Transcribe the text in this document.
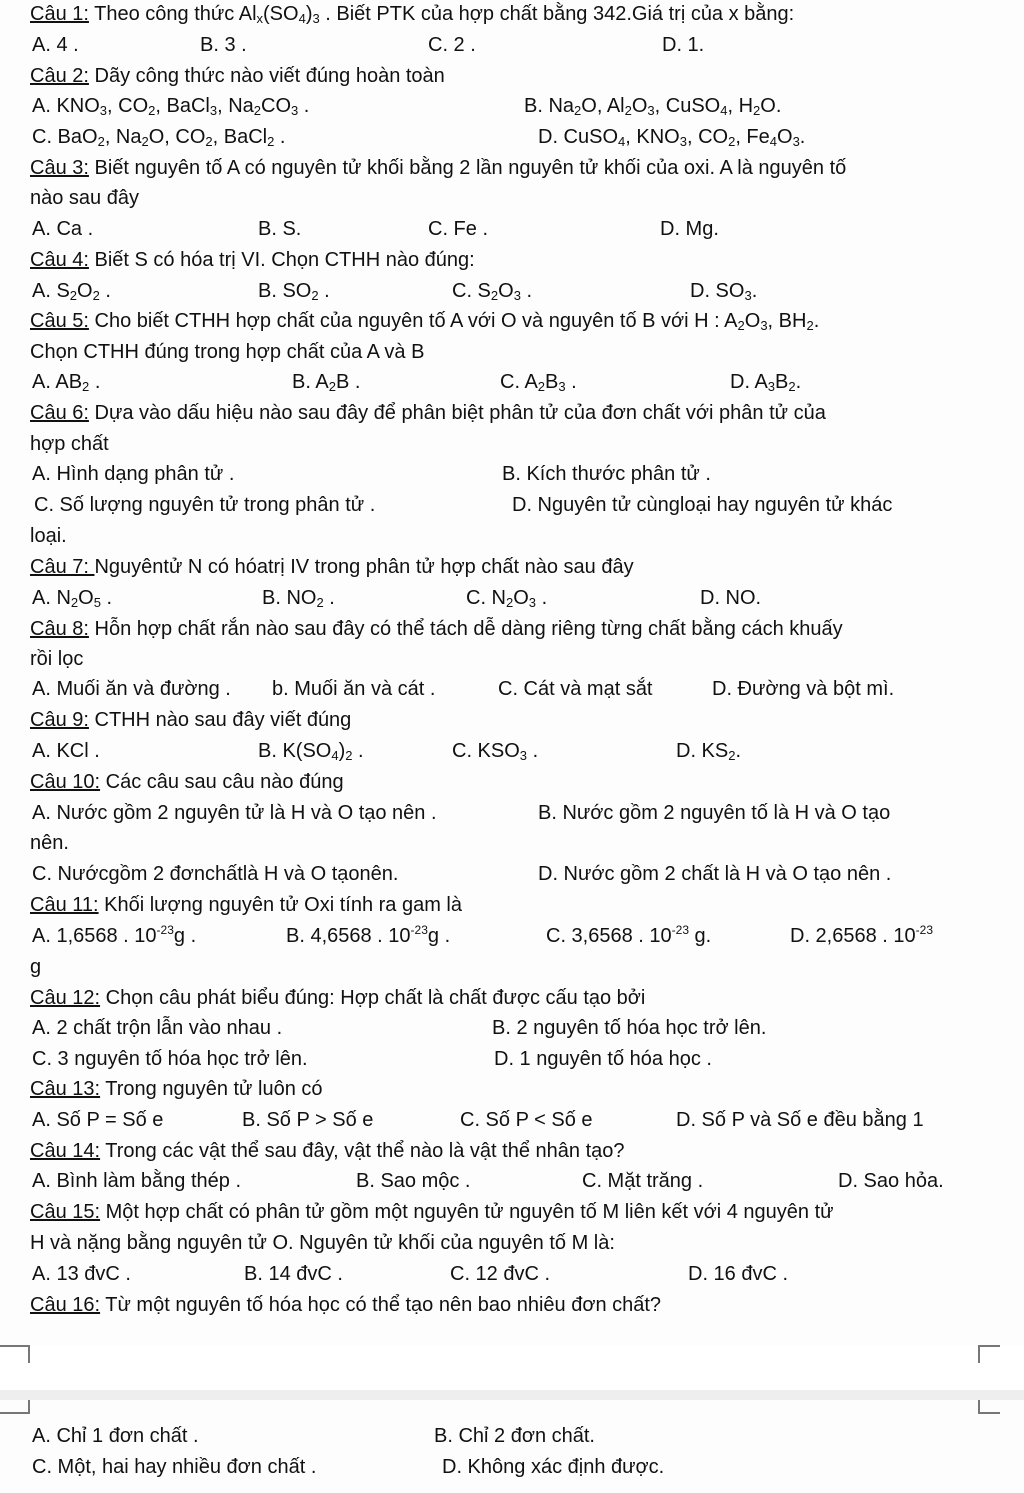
Câu 1: Theo công thức $Al_x(SO_4)_3$ . Biết PTK của hợp chất bằng 342.Giá trị của x bằng:
A. 4 .	B. 3 .	C. 2 .	D. 1.
Câu 2: Dãy công thức nào viết đúng hoàn toàn
A. $KNO_3$, $CO_2$, BaCl$_3$, $Na_2CO_3$ .	B. $Na_2O$, $Al_2O_3$, CuSO$_4$, $H_2O$.
C. BaO$_2$, $Na_2O$, $CO_2$, BaCl$_2$ .	D. CuSO$_4$, $KNO_3$, $CO_2$, $Fe_4O_3$.
Câu 3: Biết nguyên tố A có nguyên tử khối bằng 2 lần nguyên tử khối của oxi. A là nguyên tố
nào sau đây
A. Ca .	B. S.	C. Fe .	D. Mg.
Câu 4: Biết S có hóa trị VI. Chọn CTHH nào đúng:
A. $S_2O_2$ .	B. $SO_2$ .	C. $S_2O_3$ .	D. $SO_3$.
Câu 5: Cho biết CTHH hợp chất của nguyên tố A với O và nguyên tố B với H : $A_2O_3$, $BH_2$.
Chọn CTHH đúng trong hợp chất của A và B
A. $AB_2$ .	B. $A_2B$ .	C. $A_2B_3$ .	D. $A_3B_2$.
Câu 6: Dựa vào dấu hiệu nào sau đây để phân biệt phân tử của đơn chất với phân tử của
hợp chất
A. Hình dạng phân tử .	B. Kích thước phân tử .
C. Số lượng nguyên tử trong phân tử .	D. Nguyên tử cùngloại hay nguyên tử khác
loại.
Câu 7: Nguyêntử N có hóatrị IV trong phân tử hợp chất nào sau đây
A. $N_2O_5$ .	B. $NO_2$ .	C. $N_2O_3$ .	D. NO.
Câu 8: Hỗn hợp chất rắn nào sau đây có thể tách dễ dàng riêng từng chất bằng cách khuấy
rồi lọc
A. Muối ăn và đường . b. Muối ăn và cát .	C. Cát và mạt sắt	D. Đường và bột mì.
Câu 9: CTHH nào sau đây viết đúng
A. KCl .	B. $K(SO_4)_2$ .	C. $KSO_3$ .	D. $KS_2$.
Câu 10: Các câu sau câu nào đúng
A. Nước gồm 2 nguyên tử là H và O tạo nên .	B. Nước gồm 2 nguyên tố là H và O tạo
nên.
C. Nướcgồm 2 đơnchấtlà H và O tạonên.	D. Nước gồm 2 chất là H và O tạo nên .
Câu 11: Khối lượng nguyên tử Oxi tính ra gam là
A. 1,6568 . $10^{-23}g$ .	B. 4,6568 . $10^{-23}g$ .	C. 3,6568 . $10^{-23}$ g.	D. 2,6568 . $10^{-23}$
g
Câu 12: Chọn câu phát biểu đúng: Hợp chất là chất được cấu tạo bởi
A. 2 chất trộn lẫn vào nhau .	B. 2 nguyên tố hóa học trở lên.
C. 3 nguyên tố hóa học trở lên.	D. 1 nguyên tố hóa học .
Câu 13: Trong nguyên tử luôn có
A. Số P = Số e	B. Số P > Số e	C. Số P < Số e	D. Số P và Số e đều bằng 1
Câu 14: Trong các vật thể sau đây, vật thể nào là vật thể nhân tạo?
A. Bình làm bằng thép .	B. Sao mộc .	C. Mặt trăng .	D. Sao hỏa.
Câu 15: Một hợp chất có phân tử gồm một nguyên tử nguyên tố M liên kết với 4 nguyên tử
H và nặng bằng nguyên tử O. Nguyên tử khối của nguyên tố M là:
A. 13 đvC .	B. 14 đvC .	C. 12 đvC .	D. 16 đvC .
Câu 16: Từ một nguyên tố hóa học có thể tạo nên bao nhiêu đơn chất?
A. Chỉ 1 đơn chất .	B. Chỉ 2 đơn chất.
C. Một, hai hay nhiều đơn chất .	D. Không xác định được.
